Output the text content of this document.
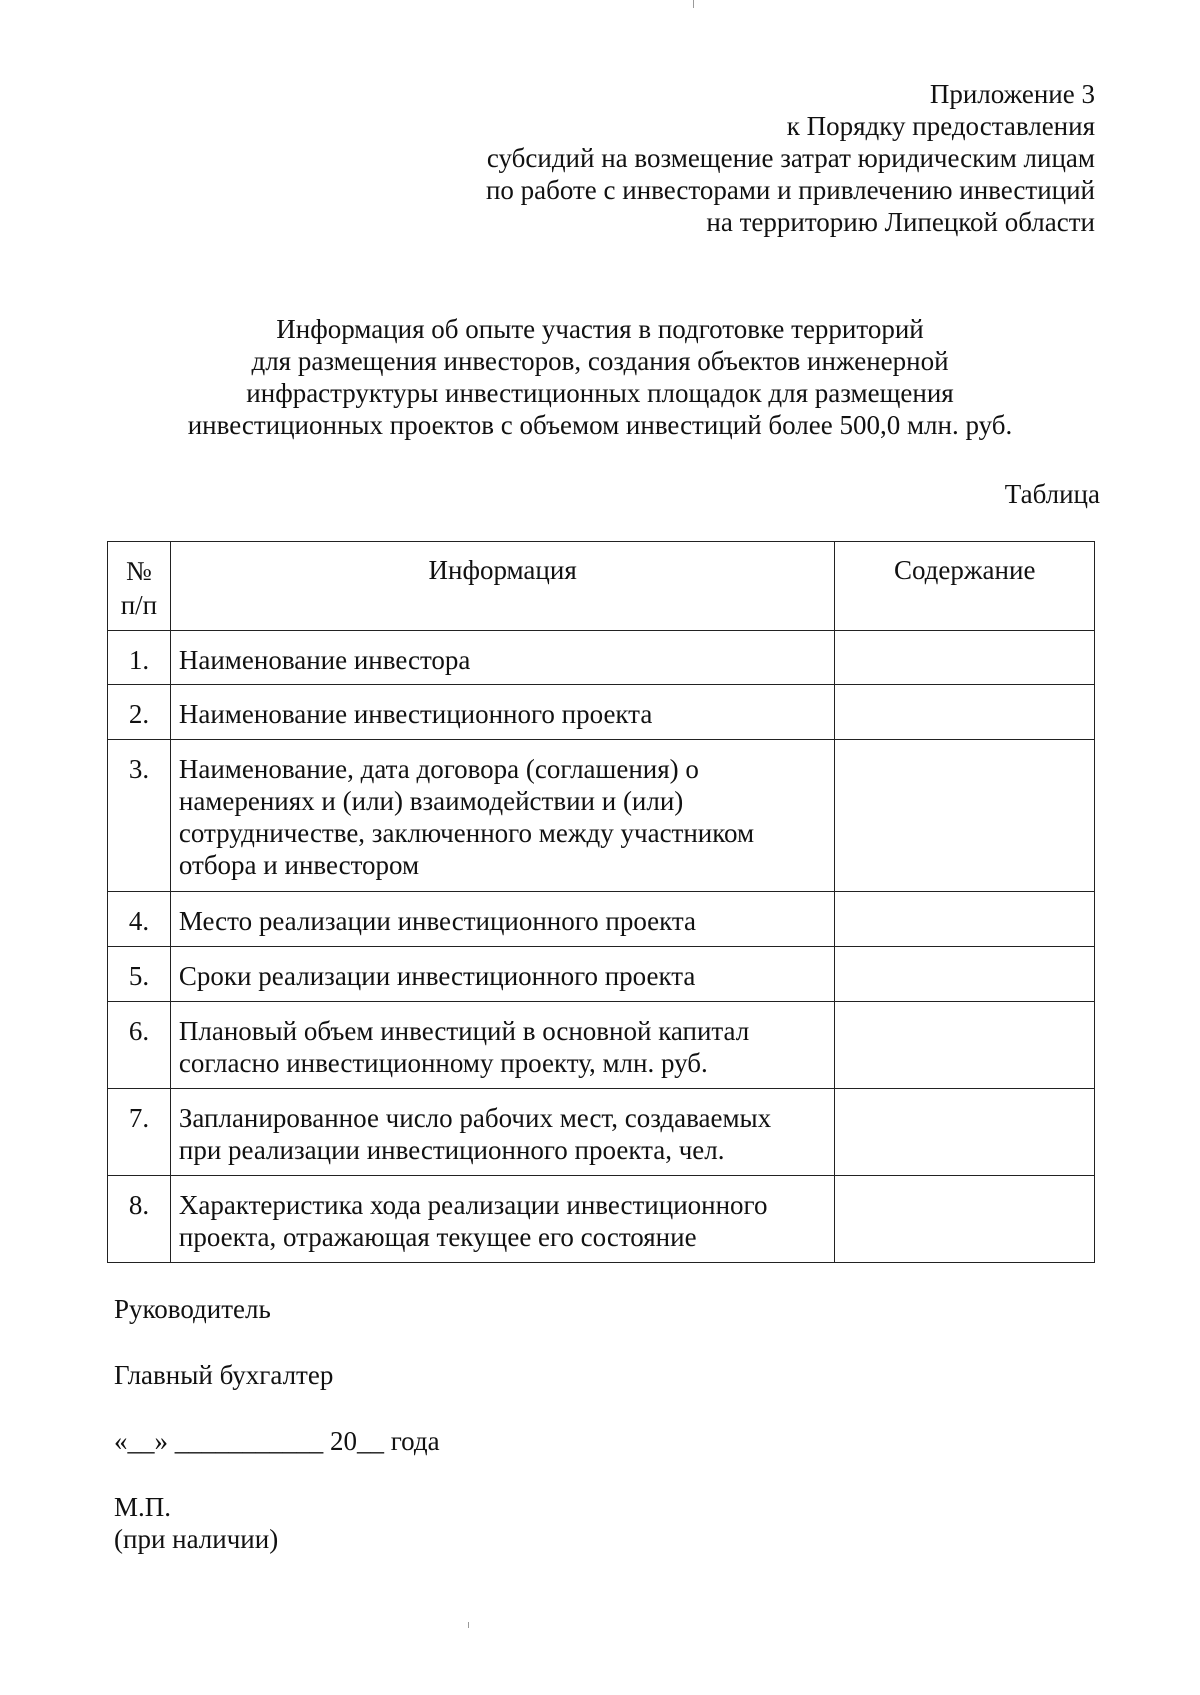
Приложение 3
к Порядку предоставления
субсидий на возмещение затрат юридическим лицам
по работе с инвесторами и привлечению инвестиций
на территорию Липецкой области
Информация об опыте участия в подготовке территорий
для размещения инвесторов, создания объектов инженерной
инфраструктуры инвестиционных площадок для размещения
инвестиционных проектов с объемом инвестиций более 500,0 млн. руб.
Таблица
№
п/п	Информация	Содержание
1.	Наименование инвестора	
2.	Наименование инвестиционного проекта	
3.	Наименование, дата договора (соглашения) о
намерениях и (или) взаимодействии и (или)
сотрудничестве, заключенного между участником
отбора и инвестором	

4.	Место реализации инвестиционного проекта	
5.	Сроки реализации инвестиционного проекта	
6.	Плановый объем инвестиций в основной капитал
согласно инвестиционному проекту, млн. руб.	

7.	Запланированное число рабочих мест, создаваемых
при реализации инвестиционного проекта, чел.	

8.	Характеристика хода реализации инвестиционного
проекта, отражающая текущее его состояние	

Руководитель
Главный бухгалтер
«__» ___________ 20__ года
М.П.
(при наличии)
